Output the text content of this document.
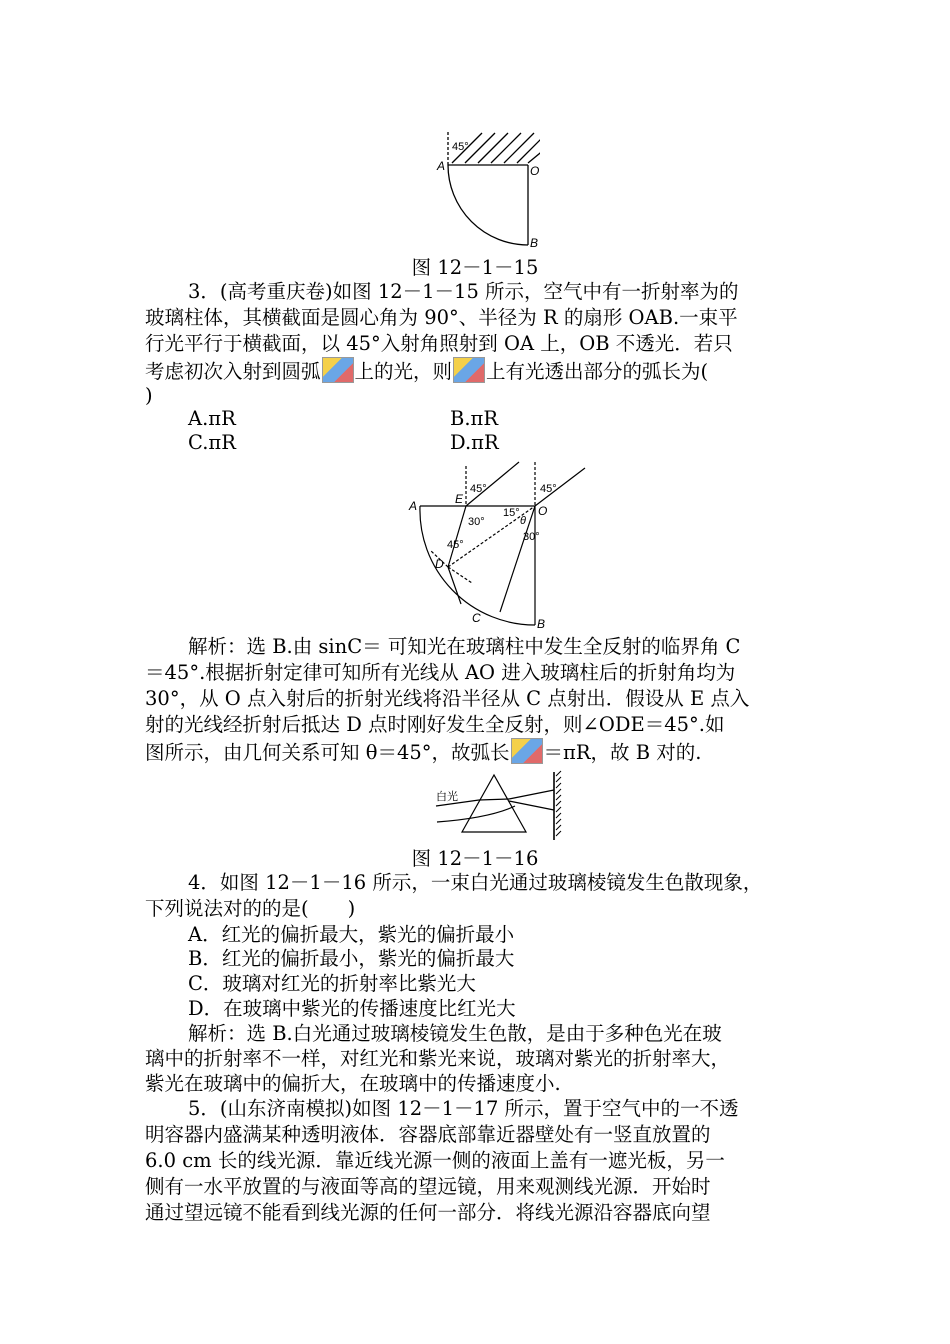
45°
A	O
B
图 12－1－15
3．(高考重庆卷)如图 12－1－15 所示，空气中有一折射率为的
玻璃柱体，其横截面是圆心角为 90°、半径为 R 的扇形 OAB.一束平
行光平行于横截面，以 45°入射角照射到 OA 上，OB 不透光．若只
考虑初次入射到圆弧 上的光，则 上有光透出部分的弧长为(
)
A.πR	B.πR
C.πR	D.πR
45°	45°
45°
30°
30°
15°
θ
A	E
O
D
C	B
解析：选 B.由 sinC＝ 可知光在玻璃柱中发生全反射的临界角 C
＝45°.根据折射定律可知所有光线从 AO 进入玻璃柱后的折射角均为
30°，从 O 点入射后的折射光线将沿半径从 C 点射出．假设从 E 点入
射的光线经折射后抵达 D 点时刚好发生全反射，则∠ODE＝45°.如
图所示，由几何关系可知 θ＝45°，故弧长 ＝πR，故 B 对的.
白光
图 12－1－16
4．如图 12－1－16 所示，一束白光通过玻璃棱镜发生色散现象，
下列说法对的的是(　　)
A．红光的偏折最大，紫光的偏折最小
B．红光的偏折最小，紫光的偏折最大
C．玻璃对红光的折射率比紫光大
D．在玻璃中紫光的传播速度比红光大
解析：选 B.白光通过玻璃棱镜发生色散，是由于多种色光在玻
璃中的折射率不一样，对红光和紫光来说，玻璃对紫光的折射率大，
紫光在玻璃中的偏折大，在玻璃中的传播速度小.
5．(山东济南模拟)如图 12－1－17 所示，置于空气中的一不透
明容器内盛满某种透明液体．容器底部靠近器壁处有一竖直放置的
6.0 cm 长的线光源．靠近线光源一侧的液面上盖有一遮光板，另一
侧有一水平放置的与液面等高的望远镜，用来观测线光源．开始时
通过望远镜不能看到线光源的任何一部分．将线光源沿容器底向望
